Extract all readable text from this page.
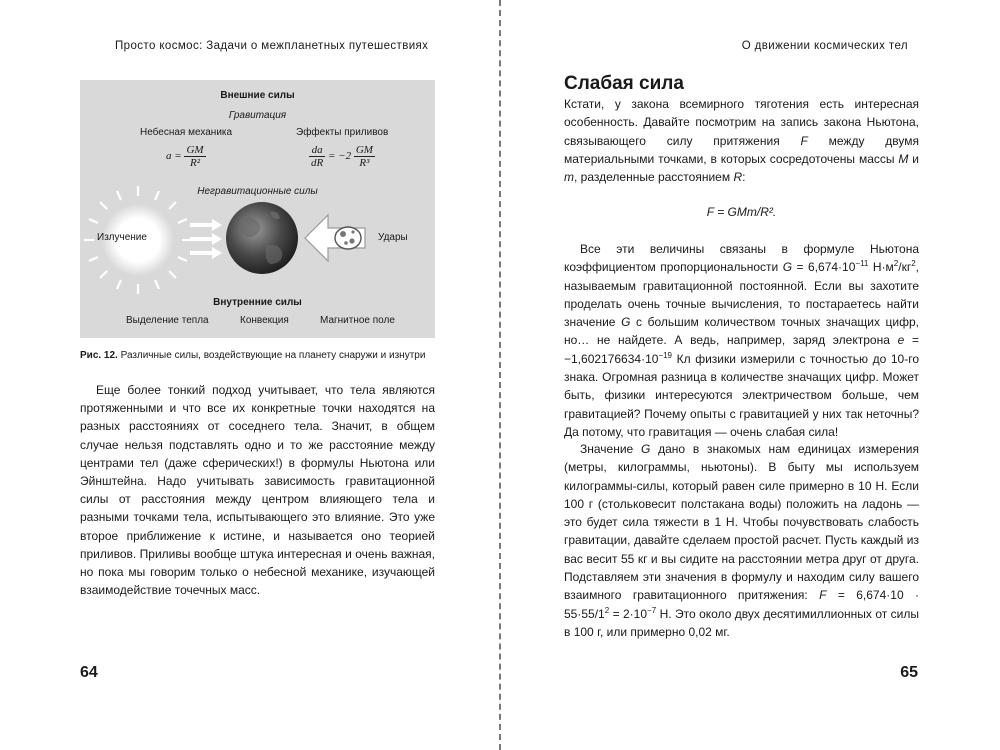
Просто космос: Задачи о межпланетных путешествиях
Внешние силы
Гравитация
Небесная механика	Эффекты приливов
$a = \frac{GM}{\text{R²}}$	$\frac{da}{dR} = -2 \frac{GM}{\text{R³}}$
Негравитационные силы
Излучение	Удары
Внутренние силы
Выделение тепла	Конвекция	Магнитное поле
Рис. 12. Различные силы, воздействующие на планету снаружи и изнутри

Еще более тонкий подход учитывает, что тела являются протяженными и что все их конкретные точки находятся на разных расстояниях от соседнего тела. Значит, в общем случае нельзя подставлять одно и то же расстояние между центрами тел (даже сферических!) в формулы Ньютона или Эйнштейна. Надо учитывать зависимость гравитационной силы от расстояния между центром влияющего тела и разными точками тела, испытывающего это влияние. Это уже второе приближение к истине, и называется оно теорией приливов. Приливы вообще штука интересная и очень важная, но пока мы говорим только о небесной механике, изучающей взаимодействие точечных масс.

64
О движении космических тел
Слабая сила

Кстати, у закона всемирного тяготения есть интересная особенность. Давайте посмотрим на запись закона Ньютона, связывающего силу притяжения F между двумя материальными точками, в которых сосредоточены массы M и m, разделенные расстоянием R:

F = GMm/R².

Все эти величины связаны в формуле Ньютона коэффициентом пропорциональности $G = 6,674\cdot 10^{-11}$ $Н\cdot м^2/кг^2$, называемым гравитационной постоянной. Если вы захотите проделать очень точные вычисления, то постараетесь найти значение G с большим количеством точных значащих цифр, но… не найдете. А ведь, например, заряд электрона $e = -1,602176634\cdot 10^{-19}$ Кл физики измерили с точностью до 10-го знака. Огромная разница в количестве значащих цифр. Может быть, физики интересуются электричеством больше, чем гравитацией? Почему опыты с гравитацией у них так неточны? Да потому, что гравитация — очень слабая сила!

Значение G дано в знакомых нам единицах измерения (метры, килограммы, ньютоны). В быту мы используем килограммы-силы, который равен силе примерно в 10 Н. Если 100 г (стольковесит полстакана воды) положить на ладонь — это будет сила тяжести в 1 Н. Чтобы почувствовать слабость гравитации, давайте сделаем простой расчет. Пусть каждый из вас весит 55 кг и вы сидите на расстоянии метра друг от друга. Подставляем эти значения в формулу и находим силу вашего взаимного гравитационного притяжения: $F = 6,674\cdot 10 \cdot 55\cdot 55/1^2 = 2\cdot 10^{-7}$ Н. Это около двух десятимиллионных от силы в 100 г, или примерно 0,02 мг.

65
